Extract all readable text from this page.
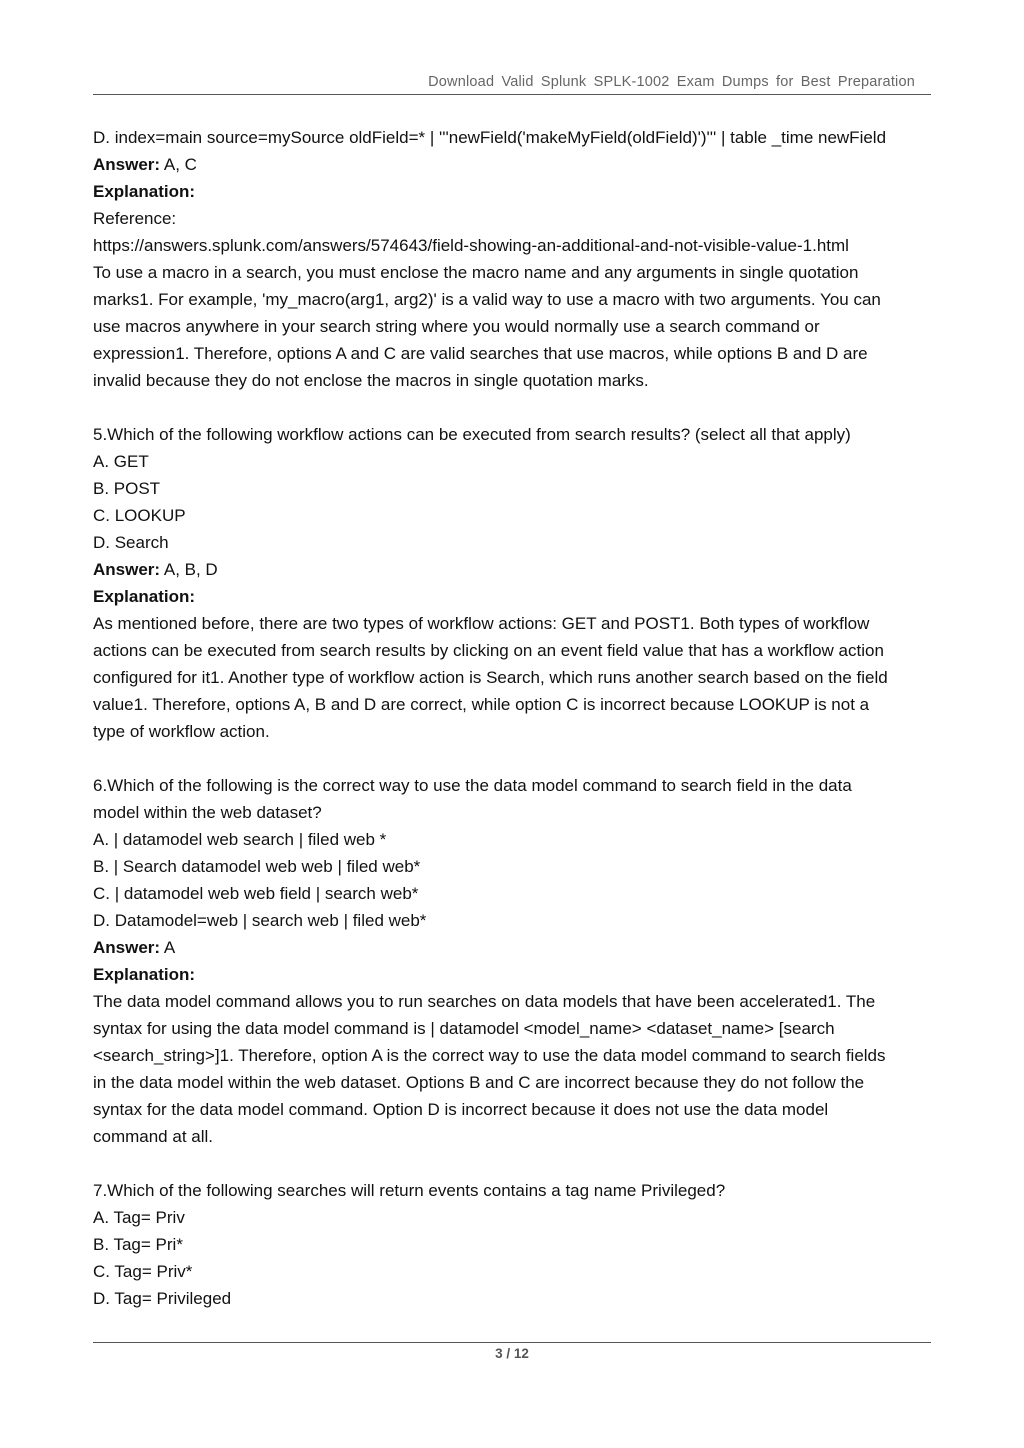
Download Valid Splunk SPLK-1002 Exam Dumps for Best Preparation

D. index=main source=mySource oldField=* | '''newField('makeMyField(oldField)')''' | table _time newField

Answer: A, C

Explanation:

Reference:

https://answers.splunk.com/answers/574643/field-showing-an-additional-and-not-visible-value-1.html

To use a macro in a search, you must enclose the macro name and any arguments in single quotation

marks1. For example, 'my_macro(arg1, arg2)' is a valid way to use a macro with two arguments. You can

use macros anywhere in your search string where you would normally use a search command or

expression1. Therefore, options A and C are valid searches that use macros, while options B and D are

invalid because they do not enclose the macros in single quotation marks.

5.Which of the following workflow actions can be executed from search results? (select all that apply)

A. GET

B. POST

C. LOOKUP

D. Search

Answer: A, B, D

Explanation:

As mentioned before, there are two types of workflow actions: GET and POST1. Both types of workflow

actions can be executed from search results by clicking on an event field value that has a workflow action

configured for it1. Another type of workflow action is Search, which runs another search based on the field

value1. Therefore, options A, B and D are correct, while option C is incorrect because LOOKUP is not a

type of workflow action.

6.Which of the following is the correct way to use the data model command to search field in the data

model within the web dataset?

A. | datamodel web search | filed web *

B. | Search datamodel web web | filed web*

C. | datamodel web web field | search web*

D. Datamodel=web | search web | filed web*

Answer: A

Explanation:

The data model command allows you to run searches on data models that have been accelerated1. The

syntax for using the data model command is | datamodel <model_name> <dataset_name> [search

<search_string>]1. Therefore, option A is the correct way to use the data model command to search fields

in the data model within the web dataset. Options B and C are incorrect because they do not follow the

syntax for the data model command. Option D is incorrect because it does not use the data model

command at all.

7.Which of the following searches will return events contains a tag name Privileged?

A. Tag= Priv

B. Tag= Pri*

C. Tag= Priv*

D. Tag= Privileged

3 / 12
